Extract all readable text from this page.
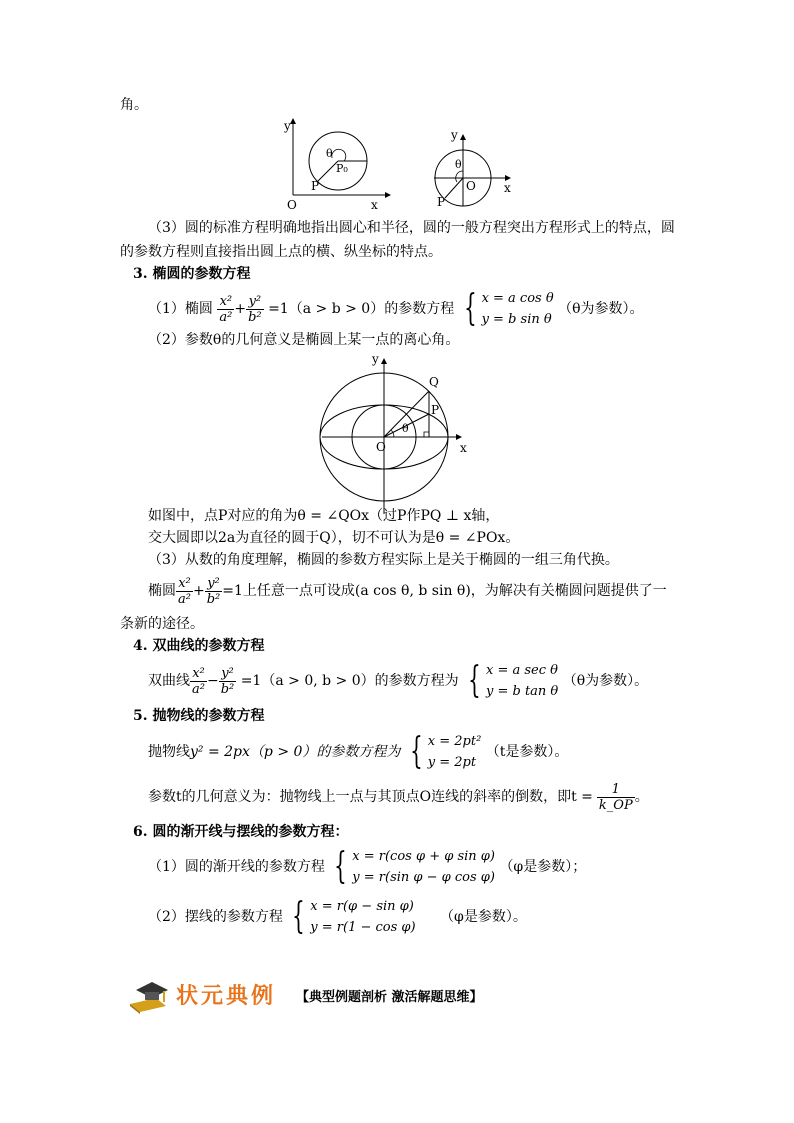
角。
y
x
O
P
θ
P₀
y
x
O
P
θ
（3）圆的标准方程明确地指出圆心和半径，圆的一般方程突出方程形式上的特点，圆
的参数方程则直接指出圆上点的横、纵坐标的特点。
3. 椭圆的参数方程
（1）椭圆 $\frac{\text{x²}}{\text{a²}} + \frac{\text{y²}}{\text{b²}} =1(a > b > 0)$的参数方程 { x = a cos θ
y = b sin θ
（θ为参数）。
（2）参数θ的几何意义是椭圆上某一点的离心角。
y
x
O
Q
P
θ
如图中，点P对应的角为θ = ∠QOx（过P作PQ ⊥ x轴，
交大圆即以2a为直径的圆于Q），切不可认为是θ = ∠POx。
（3）从数的角度理解，椭圆的参数方程实际上是关于椭圆的一组三角代换。
椭圆 $\frac{\text{x²}}{\text{a²}} + \frac{\text{y²}}{\text{b²}} =1$上任意一点可设成(a cos θ, b sin θ)，为解决有关椭圆问题提供了一
条新的途径。
4. 双曲线的参数方程
双曲线 $\frac{\text{x²}}{\text{a²}} - \frac{\text{y²}}{\text{b²}} =1(a > 0$, b > 0）的参数方程为 { x = a sec θ
y = b tan θ
（θ为参数）。
5. 抛物线的参数方程
抛物线y² = 2px（p > 0）的参数方程为 { x = 2pt²
y = 2pt
（t是参数）。
参数t的几何意义为：抛物线上一点与其顶点O连线的斜率的倒数，即$t = \frac{1}{k\_OP}$ 。
6. 圆的渐开线与摆线的参数方程：
（1）圆的渐开线的参数方程 { x = r(cos φ + φ sin φ)
y = r(sin φ − φ cos φ)
（φ是参数）；
（2）摆线的参数方程 { x = r(φ − sin φ)
y = r(1 − cos φ)
（φ是参数）。
状元典例 【典型例题剖析 激活解题思维】
